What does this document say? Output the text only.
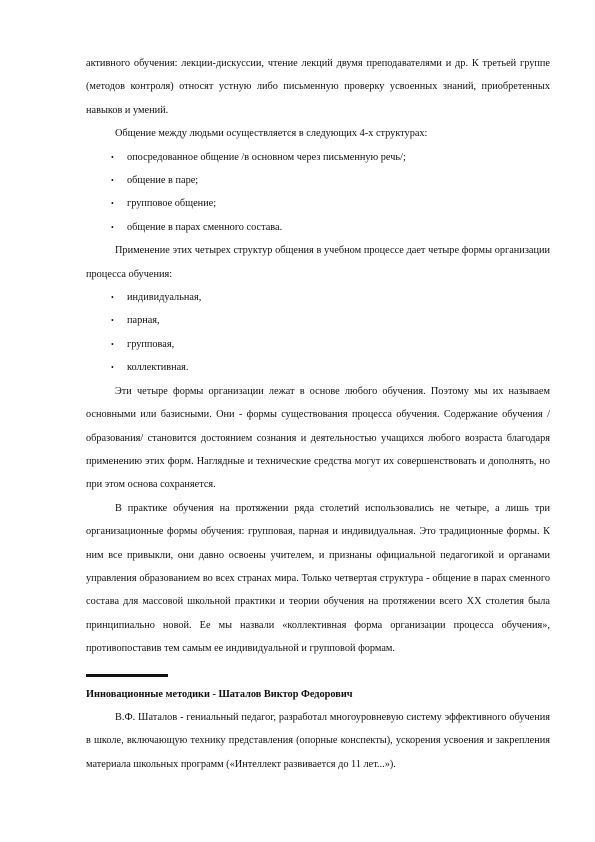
активного обучения: лекции-дискуссии, чтение лекций двумя преподавателями и др. К третьей группе (методов контроля) относят устную либо письменную проверку усвоенных знаний, приобретенных навыков и умений.

Общение между людьми осуществляется в следующих 4-х структурах:

• опосредованное общение /в основном через письменную речь/;
• общение в паре;
• групповое общение;
• общение в парах сменного состава.

Применение этих четырех структур общения в учебном процессе дает четыре формы организации процесса обучения:

• индивидуальная,
• парная,
• групповая,
• коллективная.

Эти четыре формы организации лежат в основе любого обучения. Поэтому мы их называем основными или базисными. Они - формы существования процесса обучения. Содержание обучения /образования/ становится достоянием сознания и деятельностью учащихся любого возраста благодаря применению этих форм. Наглядные и технические средства могут их совершенствовать и дополнять, но при этом основа сохраняется.

В практике обучения на протяжении ряда столетий использовались не четыре, а лишь три организационные формы обучения: групповая, парная и индивидуальная. Это традиционные формы. К ним все привыкли, они давно освоены учителем, и признаны официальной педагогикой и органами управления образованием во всех странах мира. Только четвертая структура - общение в парах сменного состава для массовой школьной практики и теории обучения на протяжении всего XX столетия была принципиально новой. Ее мы назвали «коллективная форма организации процесса обучения», противопоставив тем самым ее индивидуальной и групповой формам.

Инновационные методики - Шаталов Виктор Федорович

В.Ф. Шаталов - гениальный педагог, разработал многоуровневую систему эффективного обучения в школе, включающую технику представления (опорные конспекты), ускорения усвоения и закрепления материала школьных программ («Интеллект развивается до 11 лет...»).
